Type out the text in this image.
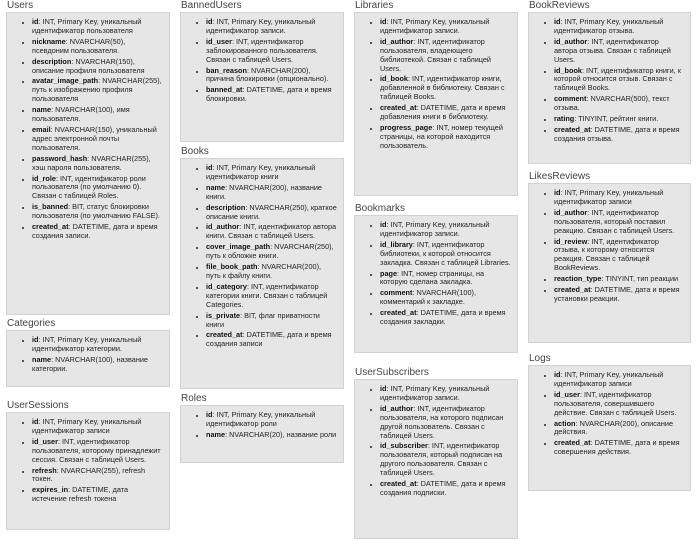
Users
• id: INT, Primary Key, уникальный идентификатор пользователя
• nickname: NVARCHAR(50), псевдоним пользователя.
• description: NVARCHAR(150), описание профиля пользователя
• avatar_image_path: NVARCHAR(255), путь к изображению профиля пользователя
• name: NVARCHAR(100), имя пользователя.
• email: NVARCHAR(150), уникальный адрес электронной почты пользователя.
• password_hash: NVARCHAR(255), хэш пароля пользователя.
• id_role: INT, идентификатор роли пользователя (по умолчанию 0). Связан с таблицей Roles.
• is_banned: BIT, статус блокировки пользователя (по умолчанию FALSE).
• created_at: DATETIME, дата и время создания записи.
Categories
• id: INT, Primary Key, уникальный идентификатор категории.
• name: NVARCHAR(100), название категории.
UserSessions
• id: INT, Primary Key, уникальный идентификатор записи
• id_user: INT, идентификатор пользователя, которому принадлежит сессия. Связан с таблицей Users.
• refresh: NVARCHAR(255), refresh токен.
• expires_in: DATETIME, дата истечение refresh токена
BannedUsers
• id: INT, Primary Key, уникальный идентификатор записи.
• id_user: INT, идентификатор заблокированного пользователя. Связан с таблицей Users.
• ban_reason: NVARCHAR(200), причина блокировки (опционально).
• banned_at: DATETIME, дата и время блокировки.
Books
• id: INT, Primary Key, уникальный идентификатор книги
• name: NVARCHAR(200), название книги.
• description: NVARCHAR(250), краткое описание книги.
• id_author: INT, идентификатор автора книги. Связан с таблицей Users.
• cover_image_path: NVARCHAR(250), путь к обложке книги.
• file_book_path: NVARCHAR(200), путь к файлу книги.
• id_category: INT, идентификатор категории книги. Связан с таблицей Categories.
• is_private: BIT, флаг приватности книги
• created_at: DATETIME, дата и время создания записи
Roles
• id: INT, Primary Key, уникальный идентификатор роли
• name: NVARCHAR(20), название роли
Libraries
• id: INT, Primary Key, уникальный идентификатор записи.
• id_author: INT, идентификатор пользователя, владеющего библиотекой. Связан с таблицей Users.
• id_book: INT, идентификатор книги, добавленной в библиотеку. Связан с таблицей Books.
• created_at: DATETIME, дата и время добавления книги в библиотеку.
• progress_page: INT, номер текущей страницы, на которой находится пользователь.
Bookmarks
• id: INT, Primary Key, уникальный идентификатор записи.
• id_library: INT, идентификатор библиотеки, к которой относится закладка. Связан с таблицей Libraries.
• page: INT, номер страницы, на которую сделана закладка.
• comment: NVARCHAR(100), комментарий к закладке.
• created_at: DATETIME, дата и время создания закладки.
UserSubscribers
• id: INT, Primary Key, уникальный идентификатор записи.
• id_author: INT, идентификатор пользователя, на которого подписан другой пользователь. Связан с таблицей Users.
• id_subscriber: INT, идентификатор пользователя, который подписан на другого пользователя. Связан с таблицей Users.
• created_at: DATETIME, дата и время создания подписки.
BookReviews
• id: INT, Primary Key, уникальный идентификатор отзыва.
• id_author: INT, идентификатор автора отзыва. Связан с таблицей Users.
• id_book: INT, идентификатор книги, к которой относится отзыв. Связан с таблицей Books.
• comment: NVARCHAR(500), текст отзыва.
• rating: TINYINT, рейтинг книги.
• created_at: DATETIME, дата и время создания отзыва.
LikesReviews
• id: INT, Primary Key, уникальный идентификатор записи
• id_author: INT, идентификатор пользователя, который поставил реакцию. Связан с таблицей Users.
• id_review: INT, идентификатор отзыва, к которому относится реакция. Связан с таблицей BookReviews.
• reaction_type: TINYINT, тип реакции
• created_at: DATETIME, дата и время установки реакции.
Logs
• id: INT, Primary Key, уникальный идентификатор записи
• id_user: INT, идентификатор пользователя, совершившего действие. Связан с таблицей Users.
• action: NVARCHAR(200), описание действия.
• created_at: DATETIME, дата и время совершения действия.
